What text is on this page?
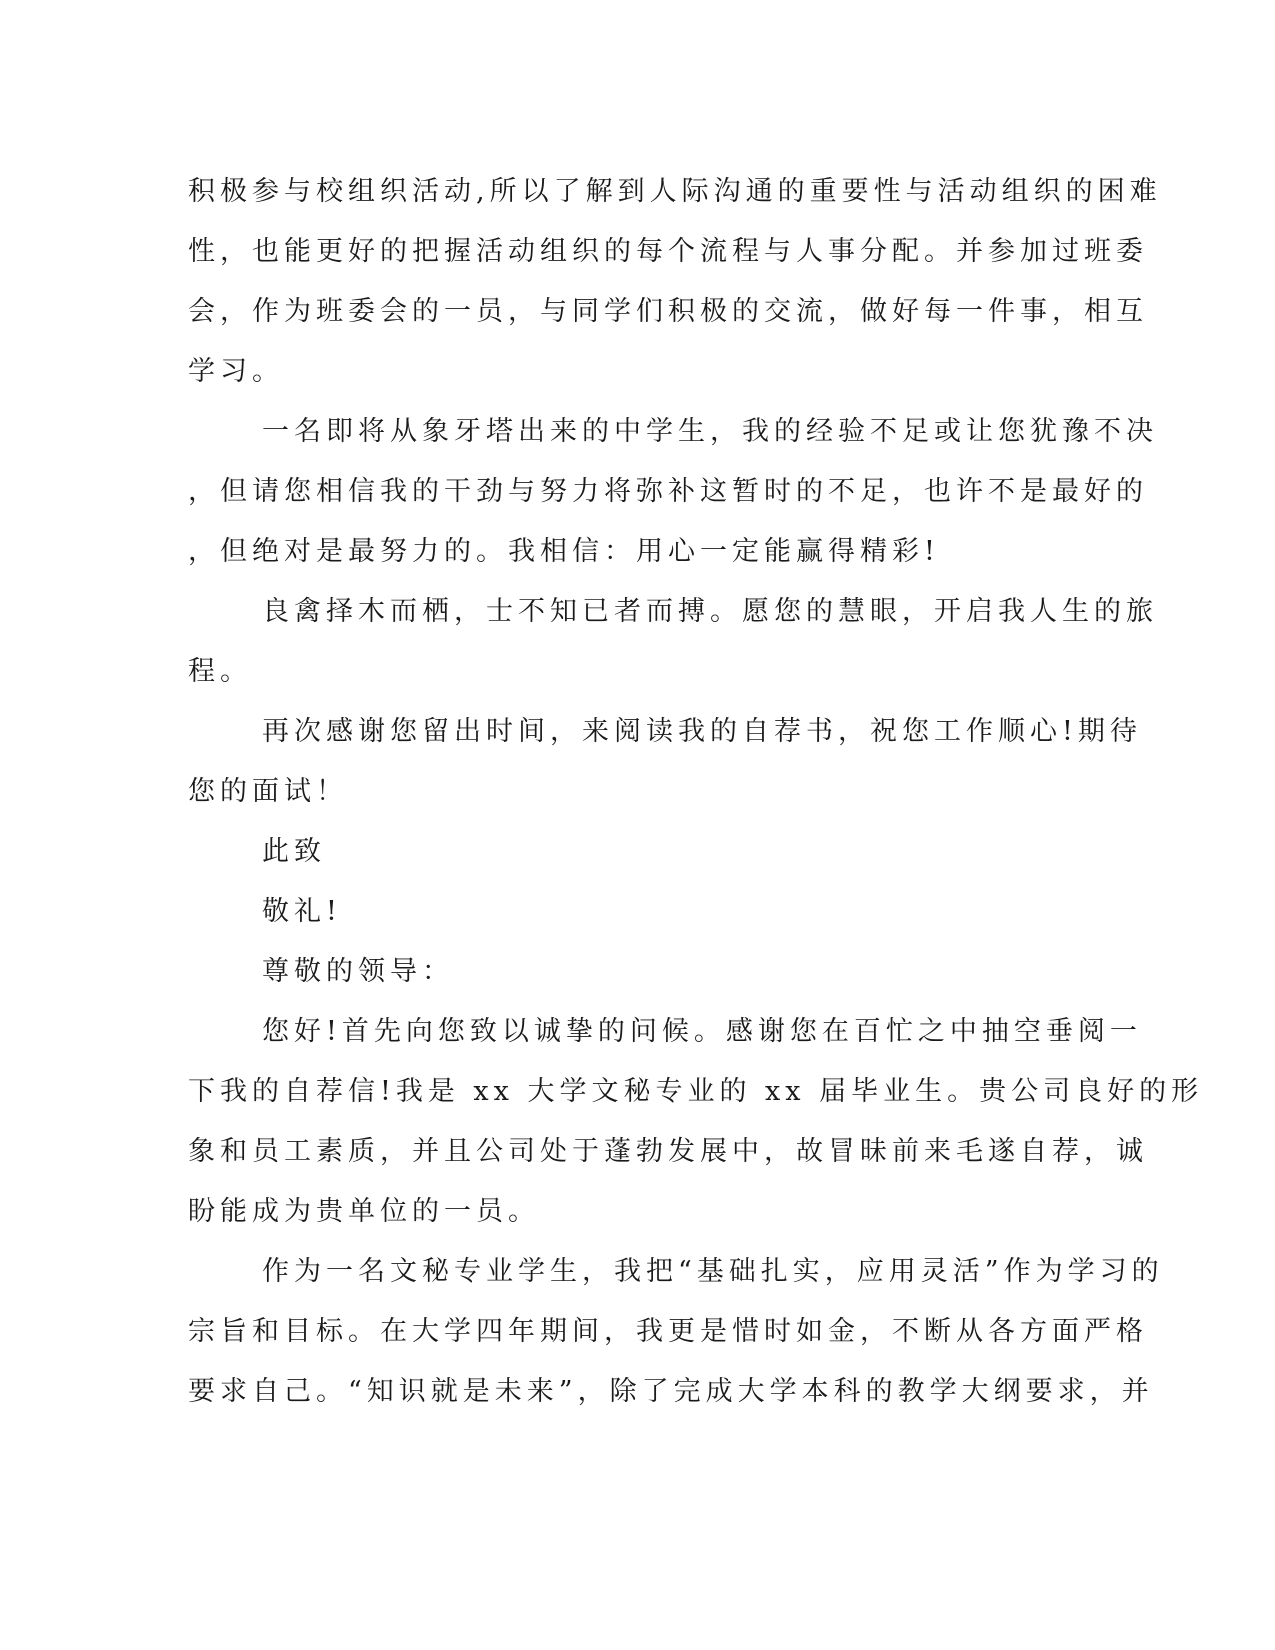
积极参与校组织活动,所以了解到人际沟通的重要性与活动组织的困难

性，也能更好的把握活动组织的每个流程与人事分配。并参加过班委

会，作为班委会的一员，与同学们积极的交流，做好每一件事，相互

学习。

一名即将从象牙塔出来的中学生，我的经验不足或让您犹豫不决

，但请您相信我的干劲与努力将弥补这暂时的不足，也许不是最好的

，但绝对是最努力的。我相信：用心一定能赢得精彩!

良禽择木而栖，士不知已者而搏。愿您的慧眼，开启我人生的旅

程。

再次感谢您留出时间，来阅读我的自荐书，祝您工作顺心!期待

您的面试！

此致

敬礼!

尊敬的领导：

您好!首先向您致以诚挚的问候。感谢您在百忙之中抽空垂阅一

下我的自荐信!我是 xx 大学文秘专业的 xx 届毕业生。贵公司良好的形

象和员工素质，并且公司处于蓬勃发展中，故冒昧前来毛遂自荐，诚

盼能成为贵单位的一员。

作为一名文秘专业学生，我把“基础扎实，应用灵活”作为学习的

宗旨和目标。在大学四年期间，我更是惜时如金，不断从各方面严格

要求自己。“知识就是未来”，除了完成大学本科的教学大纲要求，并
